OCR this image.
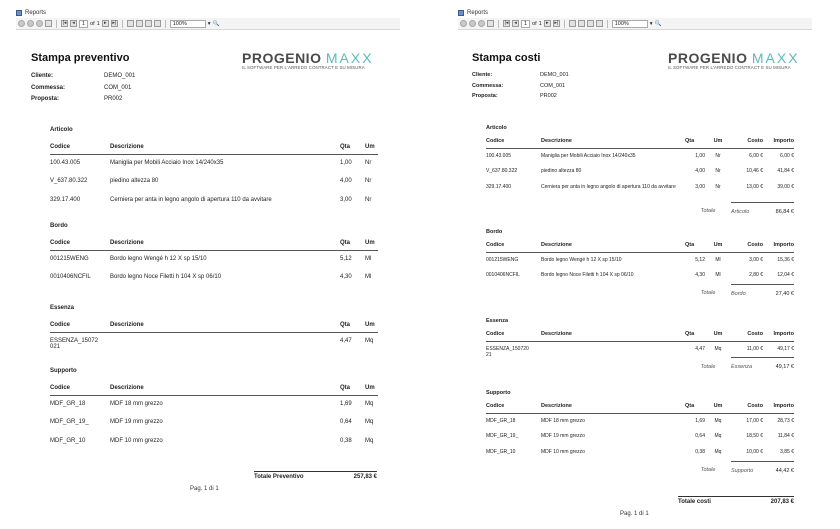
Reports
|◂	◂	1 of 1 ▸	▸|	100%	▾ 🔍
Stampa preventivo	PROGENIO MAXX
IL SOFTWARE PER L'ARREDO CONTRACT E SU MISURA
Cliente:	DEMO_001
Commessa:	COM_001
Proposta:	PR002
Articolo
Codice	Descrizione	Qta	Um
100.43.005	Maniglia per Mobili Acciaio Inox 14/240x35	1,00	Nr
V_637.80.322	piedino altezza 80	4,00	Nr
329.17.400	Cerniera per anta in legno angolo di apertura 110 da avvitare	3,00	Nr
Bordo
Codice	Descrizione	Qta	Um
001215WENG	Bordo legno Wengé h 12 X sp 15/10	5,12	Ml
0010406NCFIL	Bordo legno Noce Filetti h 104 X sp 06/10	4,30	Ml
Essenza
Codice	Descrizione	Qta	Um
ESSENZA_15072
021		4,47	Mq
Supporto
Codice	Descrizione	Qta	Um
MDF_GR_18	MDF 18 mm grezzo	1,69	Mq
MDF_GR_19_	MDF 19 mm grezzo	0,64	Mq
MDF_GR_10	MDF 10 mm grezzo	0,38	Mq
Totale Preventivo	257,83 €
Pag. 1 di 1
Reports
|◂	◂	1 of 1 ▸	▸|	100%	▾ 🔍
Stampa costi	PROGENIO MAXX
IL SOFTWARE PER L'ARREDO CONTRACT E SU MISURA
Cliente:	DEMO_001
Commessa:	COM_001
Proposta:	PR002
Articolo
Codice	Descrizione	Qta	Um	Costo	Importo
100.43.005	Maniglia per Mobili Acciaio Inox 14/240x35	1,00	Nr	6,00 €	6,00 €
V_637.80.322	piedino altezza 80	4,00	Nr	10,46 €	41,84 €
329.17.400	Cerniera per anta in legno angolo di apertura 110 da avvitare	3,00	Nr	13,00 €	39,00 €
		Totale		Articolo	86,84 €
Bordo
Codice	Descrizione	Qta	Um	Costo	Importo
001215WENG	Bordo legno Wengé h 12 X sp 15/10	5,12	Ml	3,00 €	15,36 €
0010406NCFIL	Bordo legno Noce Filetti h 104 X sp 06/10	4,30	Ml	2,80 €	12,04 €
		Totale		Bordo	27,40 €
Essenza
Codice	Descrizione	Qta	Um	Costo	Importo
ESSENZA_150720
21		4,47	Mq	11,00 €	49,17 €
		Totale		Essenza	49,17 €
Supporto
Codice	Descrizione	Qta	Um	Costo	Importo
MDF_GR_18	MDF 18 mm grezzo	1,69	Mq	17,00 €	28,73 €
MDF_GR_19_	MDF 19 mm grezzo	0,64	Mq	18,50 €	11,84 €
MDF_GR_10	MDF 10 mm grezzo	0,38	Mq	10,00 €	3,85 €
		Totale		Supporto	44,42 €
Totale costi	207,83 €
Pag. 1 di 1
